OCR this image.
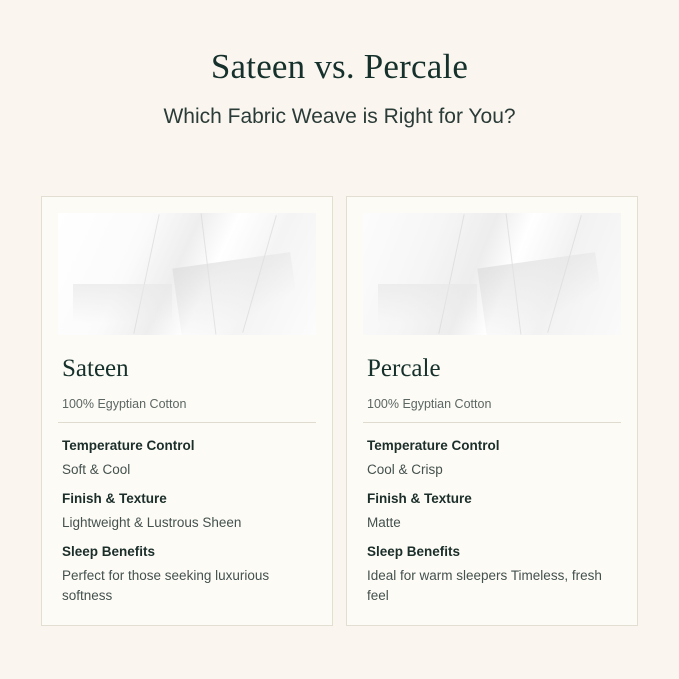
Sateen vs. Percale

Which Fabric Weave is Right for You?

Sateen
100% Egyptian Cotton

Temperature Control

Soft & Cool

Finish & Texture

Lightweight & Lustrous Sheen

Sleep Benefits

Perfect for those seeking luxurious softness

Percale
100% Egyptian Cotton

Temperature Control

Cool & Crisp

Finish & Texture

Matte

Sleep Benefits

Ideal for warm sleepers Timeless, fresh feel
